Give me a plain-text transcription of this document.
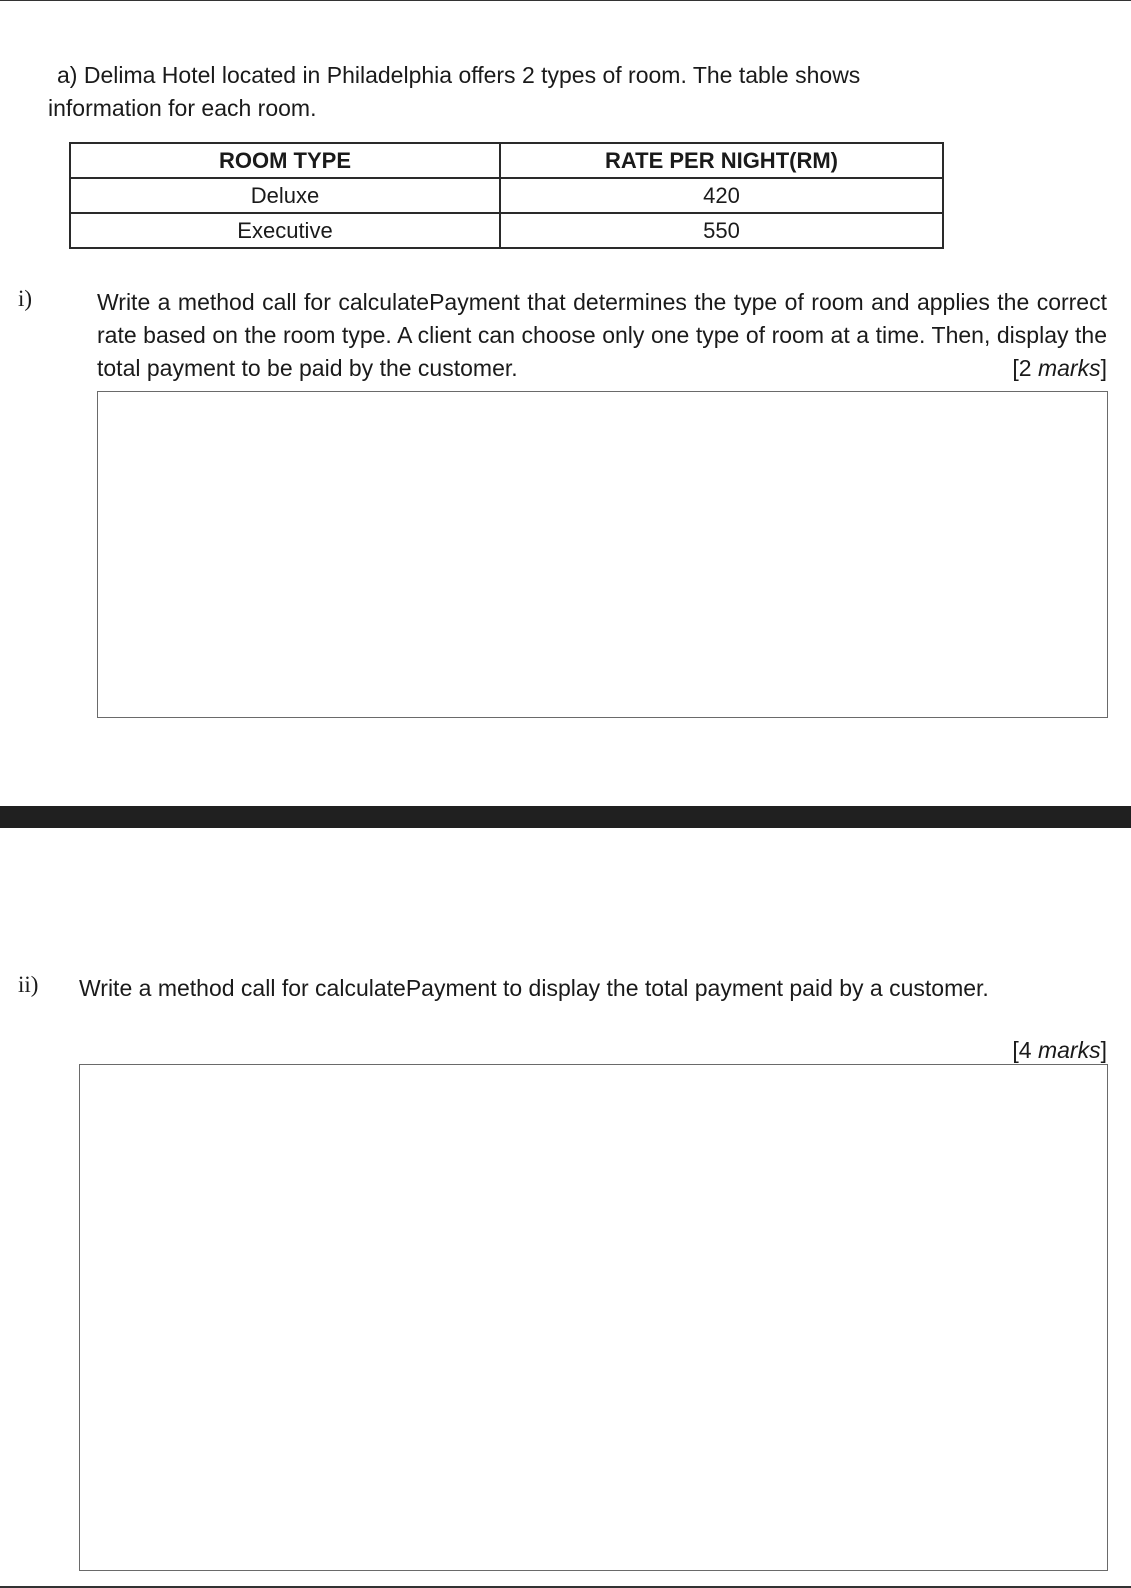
a) Delima Hotel located in Philadelphia offers 2 types of room. The table shows

information for each room.

ROOM TYPE	RATE PER NIGHT(RM)
Deluxe	420
Executive	550
i)	Write a method call for calculatePayment that determines the type of room and applies the correct rate based on the room type. A client can choose only one type of room at a time. Then, display the total payment to be paid by the customer.	[2 marks]
ii) Write a method call for calculatePayment to display the total payment paid by a customer.
[4 marks]
